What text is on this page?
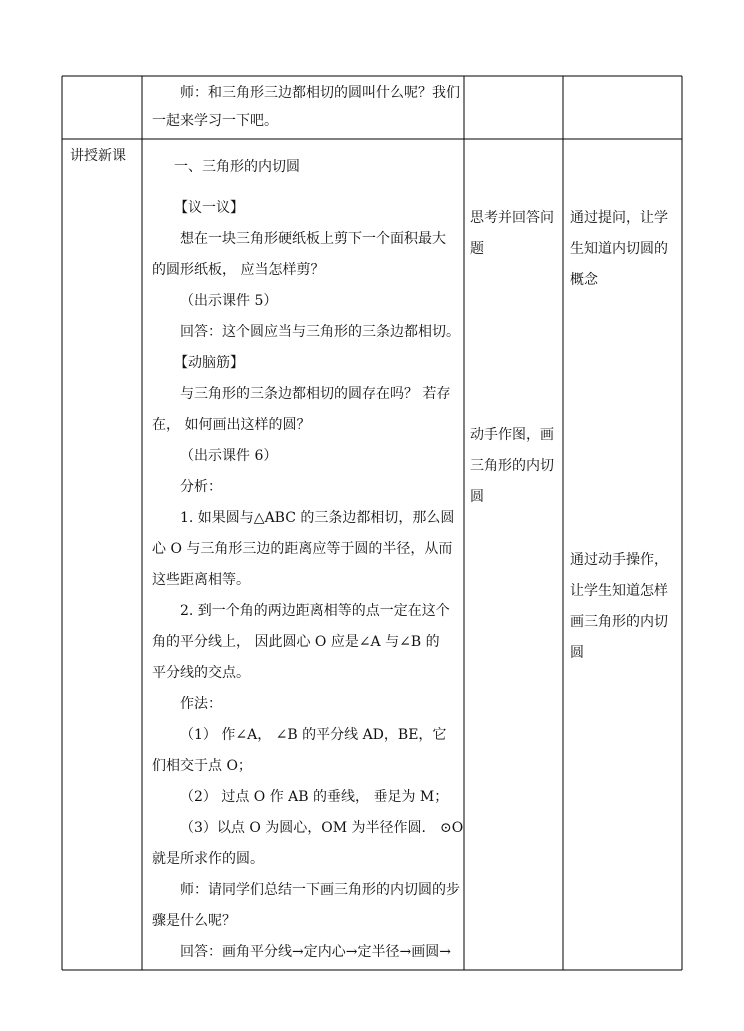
师：和三角形三边都相切的圆叫什么呢？我们
一起来学习一下吧。
讲授新课
一、三角形的内切圆
【议一议】
想在一块三角形硬纸板上剪下一个面积最大
的圆形纸板， 应当怎样剪？
（出示课件 5）
回答：这个圆应当与三角形的三条边都相切。
【动脑筋】
与三角形的三条边都相切的圆存在吗？ 若存
在， 如何画出这样的圆？
（出示课件 6）
分析：
1. 如果圆与△ABC 的三条边都相切，那么圆
心 O 与三角形三边的距离应等于圆的半径，从而
这些距离相等。
2. 到一个角的两边距离相等的点一定在这个
角的平分线上， 因此圆心 O 应是∠A 与∠B 的
平分线的交点。
作法：
（1） 作∠A， ∠B 的平分线 AD，BE，它
们相交于点 O；
（2） 过点 O 作 AB 的垂线， 垂足为 M；
（3）以点 O 为圆心，OM 为半径作圆． ⊙O
就是所求作的圆。
师：请同学们总结一下画三角形的内切圆的步
骤是什么呢？
回答：画角平分线→定内心→定半径→画圆→
思考并回答问
题
动手作图，画
三角形的内切
圆
通过提问，让学
生知道内切圆的
概念
通过动手操作，
让学生知道怎样
画三角形的内切
圆
